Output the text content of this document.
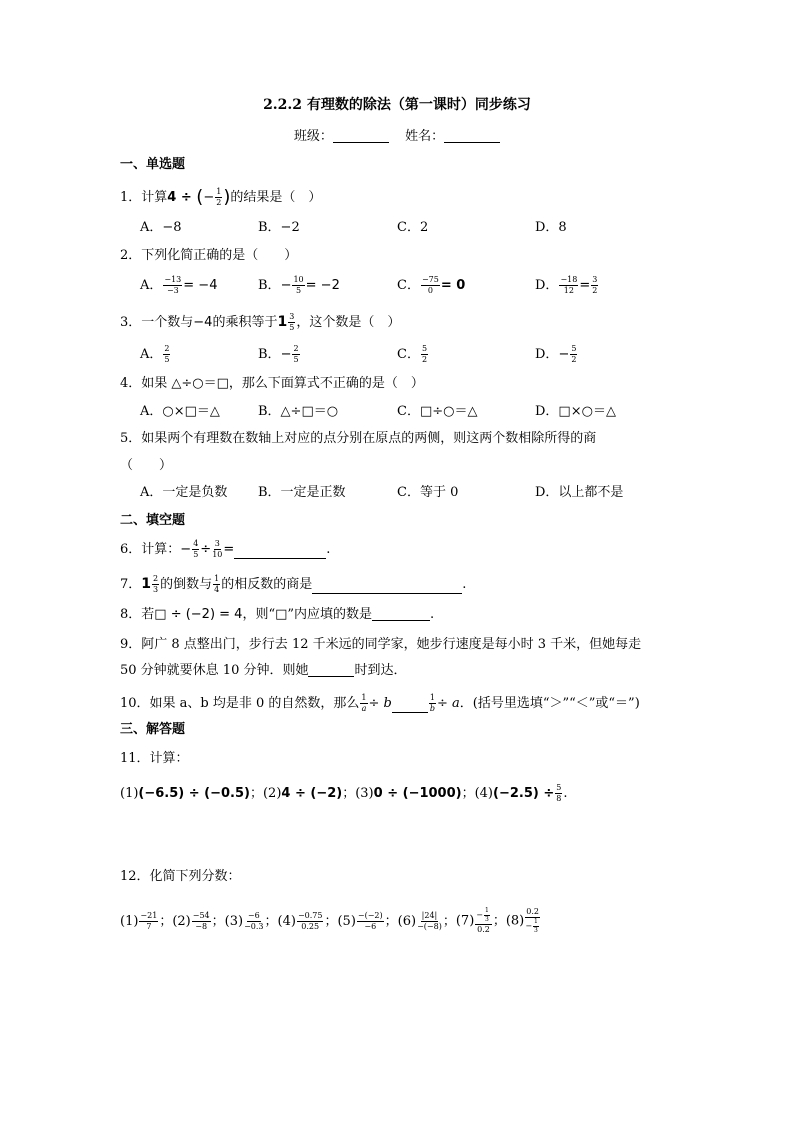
2.2.2 有理数的除法（第一课时）同步练习
班级：	姓名：
一、单选题
1．计算4 ÷ (− $\frac{1}{2}$ )的结果是（　）
A．−8	B．−2	C．2	D．8
2．下列化简正确的是（　　）
A． $\frac{-13}{-3} = -4$	B．− $\frac{10}{5} = -2$	C． $\frac{-75}{0} = 0$	D． $\frac{-18}{12} = \frac{3}{2}$
3．一个数与−4的乘积等于$1 \frac{3}{5}$ ，这个数是（　）
A． $\frac{2}{5}$	B．− $\frac{2}{5}$	C． $\frac{5}{2}$	D．− $\frac{5}{2}$
4．如果 △÷○＝□，那么下面算式不正确的是（　）
A．○×□＝△	B．△÷□＝○	C．□÷○＝△	D．□×○＝△
5．如果两个有理数在数轴上对应的点分别在原点的两侧，则这两个数相除所得的商
（　　）
A．一定是负数 B．一定是正数	C．等于 0	D．以上都不是
二、填空题
6．计算：− $\frac{4}{5} \div \frac{3}{10}$ =	.
7．$1 \frac{2}{3}$ 的倒数与 $\frac{1}{4}$ 的相反数的商是	.
8．若□ ÷ (−2) = 4，则“□”内应填的数是	.
9．阿广 8 点整出门，步行去 12 千米远的同学家，她步行速度是每小时 3 千米，但她每走
50 分钟就要休息 10 分钟．则她	时到达．
10．如果 a、b 均是非 0 的自然数，那么 $\frac{1}{a} \div b$	$\frac{1}{b} \div a$．(括号里选填“＞”“＜”或“＝”)
三、解答题
11．计算：
(1)(−6.5) ÷ (−0.5)；(2)4 ÷ (−2)；(3)0 ÷ (−1000)；$(4)(-2.5) \div \frac{5}{8}$ .
12．化简下列分数：
$(1) \frac{-21}{7}$ ；$(2) \frac{-54}{-8}$ ；$(3) \frac{-6}{-0.3}$ ；$(4) \frac{-0.75}{0.25}$ ；$(5) \frac{-(-2)}{-6}$ ；$(6) \frac{|24|}{-(-8)}$ ；$(7) \frac{- \frac{1}{3}}{0.2}$ ；$(8) \frac{0.2}{- \frac{1}{3}}$
